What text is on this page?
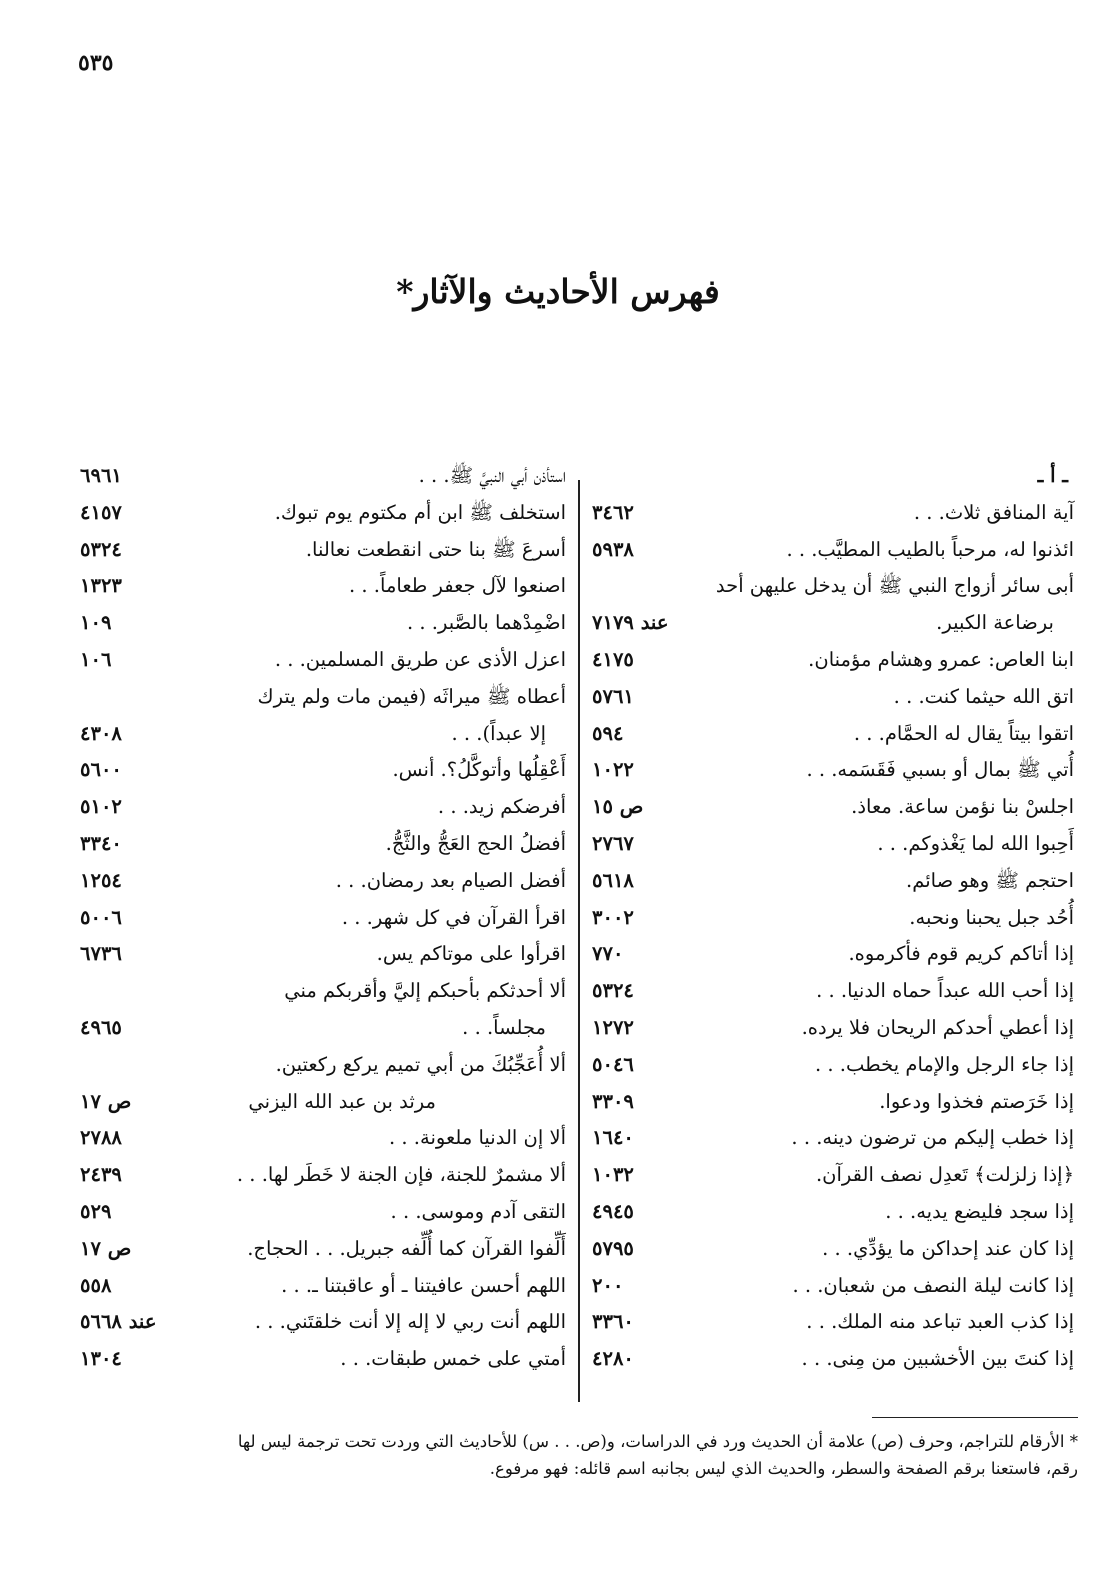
٥٣٥
فهرس الأحاديث والآثار*
ـ أ ـ
آية المنافق ثلاث. . .
٣٤٦٢
ائذنوا له، مرحباً بالطيب المطيَّب. . .
٥٩٣٨
أبى سائر أزواج النبي ﷺ أن يدخل عليهن أحد
برضاعة الكبير.
عند ٧١٧٩
ابنا العاص: عمرو وهشام مؤمنان.
٤١٧٥
اتق الله حيثما كنت. . .
٥٧٦١
اتقوا بيتاً يقال له الحمَّام. . .
٥٩٤
أُتي ﷺ بمال أو بسبي فَقَسَمه. . .
١٠٢٢
اجلسْ بنا نؤمن ساعة. معاذ.
ص ١٥
أَحِبوا الله لما يَغْذوكم. . .
٢٧٦٧
احتجم ﷺ وهو صائم.
٥٦١٨
أُحُد جبل يحبنا ونحبه.
٣٠٠٢
إذا أتاكم كريم قوم فأكرموه.
٧٧٠
إذا أحب الله عبداً حماه الدنيا. . .
٥٣٢٤
إذا أعطي أحدكم الريحان فلا يرده.
١٢٧٢
إذا جاء الرجل والإمام يخطب. . .
٥٠٤٦
إذا خَرَصتم فخذوا ودعوا.
٣٣٠٩
إذا خطب إليكم من ترضون دينه. . .
١٦٤٠
﴿إذا زلزلت﴾ تَعدِل نصف القرآن.
١٠٣٢
إذا سجد فليضع يديه. . .
٤٩٤٥
إذا كان عند إحداكن ما يؤدِّي. . .
٥٧٩٥
إذا كانت ليلة النصف من شعبان. . .
٢٠٠
إذا كذب العبد تباعد منه الملك. . .
٣٣٦٠
إذا كنتَ بين الأخشبين من مِنى. . .
٤٢٨٠
استأذن أبي النبيَّ ﷺ. . .
٦٩٦١
استخلف ﷺ ابن أم مكتوم يوم تبوك.
٤١٥٧
أسرعَ ﷺ بنا حتى انقطعت نعالنا.
٥٣٢٤
اصنعوا لآل جعفر طعاماً. . .
١٣٢٣
اضْمِدْهما بالصَّبر. . .
١٠٩
اعزل الأذى عن طريق المسلمين. . .
١٠٦
أعطاه ﷺ ميراثَه (فيمن مات ولم يترك
إلا عبداً). . .
٤٣٠٨
أَعْقِلُها وأتوكَّلُ؟. أنس.
٥٦٠٠
أفرضكم زيد. . .
٥١٠٢
أفضلُ الحج العَجُّ والثَّجُّ.
٣٣٤٠
أفضل الصيام بعد رمضان. . .
١٢٥٤
اقرأ القرآن في كل شهر. . .
٥٠٠٦
اقرأوا على موتاكم يس.
٦٧٣٦
ألا أحدثكم بأحبكم إليَّ وأقربكم مني
مجلساً. . .
٤٩٦٥
ألا أُعَجِّبُكَ من أبي تميم يركع ركعتين.
مرثد بن عبد الله اليزني
ص ١٧
ألا إن الدنيا ملعونة. . .
٢٧٨٨
ألا مشمرٌ للجنة، فإن الجنة لا خَطَر لها. . .
٢٤٣٩
التقى آدم وموسى. . .
٥٢٩
أَلِّفوا القرآن كما أُلِّفه جبريل. . . الحجاج.
ص ١٧
اللهم أحسن عافيتنا ـ أو عاقبتنا ـ. . .
٥٥٨
اللهم أنت ربي لا إله إلا أنت خلقتَني. . .
عند ٥٦٦٨
أمتي على خمس طبقات. . .
١٣٠٤

* الأرقام للتراجم، وحرف (ص) علامة أن الحديث ورد في الدراسات، و(ص. . . س) للأحاديث التي وردت تحت ترجمة ليس لها

رقم، فاستعنا برقم الصفحة والسطر، والحديث الذي ليس بجانبه اسم قائله: فهو مرفوع.
